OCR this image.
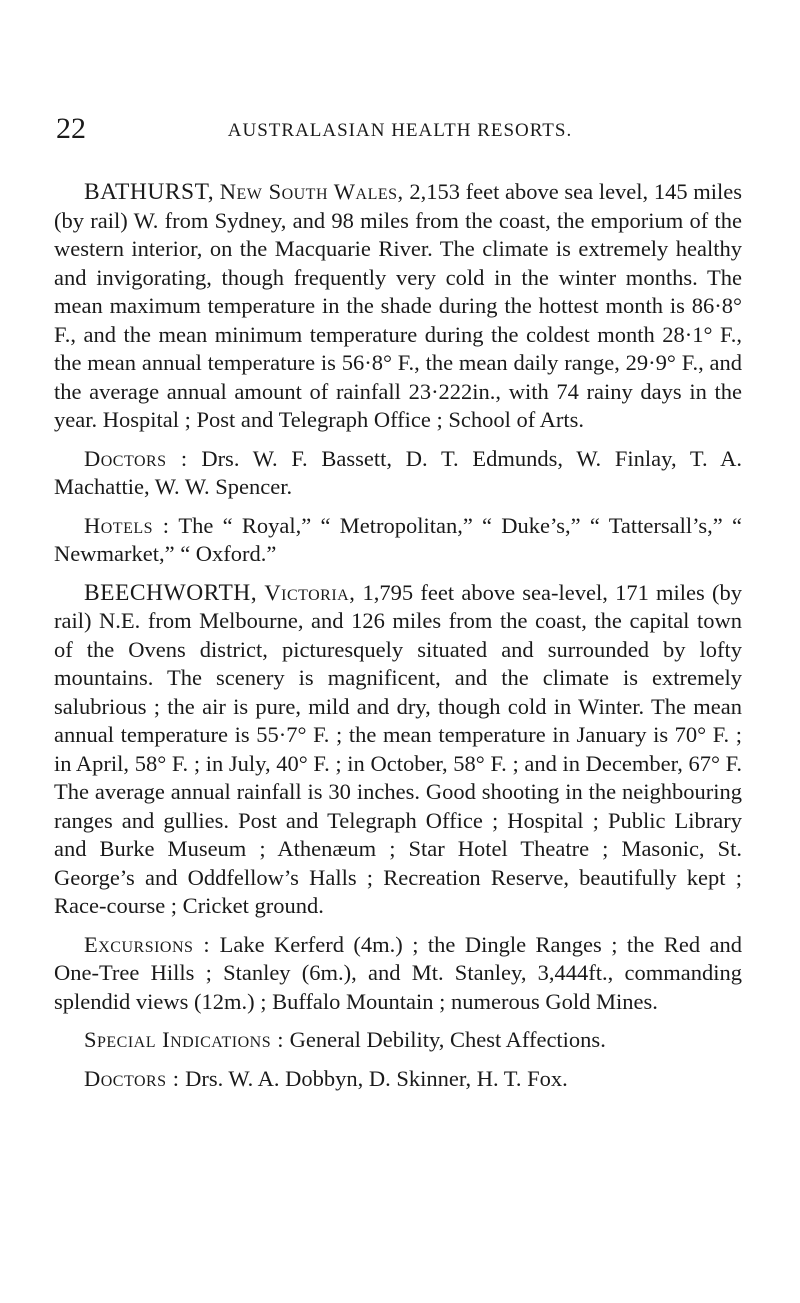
22	AUSTRALASIAN HEALTH RESORTS.

BATHURST, New South Wales, 2,153 feet above sea level, 145 miles (by rail) W. from Sydney, and 98 miles from the coast, the emporium of the western interior, on the Macquarie River. The climate is extremely healthy and invigorating, though frequently very cold in the winter months. The mean maximum temperature in the shade during the hottest month is 86·8° F., and the mean minimum temperature during the coldest month 28·1° F., the mean annual temperature is 56·8° F., the mean daily range, 29·9° F., and the average annual amount of rainfall 23·222in., with 74 rainy days in the year. Hospital ; Post and Telegraph Office ; School of Arts.

Doctors : Drs. W. F. Bassett, D. T. Edmunds, W. Finlay, T. A. Machattie, W. W. Spencer.

Hotels : The “ Royal,” “ Metropolitan,” “ Duke’s,” “ Tattersall’s,” “ Newmarket,” “ Oxford.”

BEECHWORTH, Victoria, 1,795 feet above sea-level, 171 miles (by rail) N.E. from Melbourne, and 126 miles from the coast, the capital town of the Ovens district, picturesquely situated and surrounded by lofty mountains. The scenery is magnificent, and the climate is extremely salubrious ; the air is pure, mild and dry, though cold in Winter. The mean annual temperature is 55·7° F. ; the mean temperature in January is 70° F. ; in April, 58° F. ; in July, 40° F. ; in October, 58° F. ; and in December, 67° F. The average annual rainfall is 30 inches. Good shooting in the neighbouring ranges and gullies. Post and Telegraph Office ; Hospital ; Public Library and Burke Museum ; Athenæum ; Star Hotel Theatre ; Masonic, St. George’s and Oddfellow’s Halls ; Recreation Reserve, beautifully kept ; Race-course ; Cricket ground.

Excursions : Lake Kerferd (4m.) ; the Dingle Ranges ; the Red and One-Tree Hills ; Stanley (6m.), and Mt. Stanley, 3,444ft., commanding splendid views (12m.) ; Buffalo Mountain ; numerous Gold Mines.

Special Indications : General Debility, Chest Affections.

Doctors : Drs. W. A. Dobbyn, D. Skinner, H. T. Fox.
